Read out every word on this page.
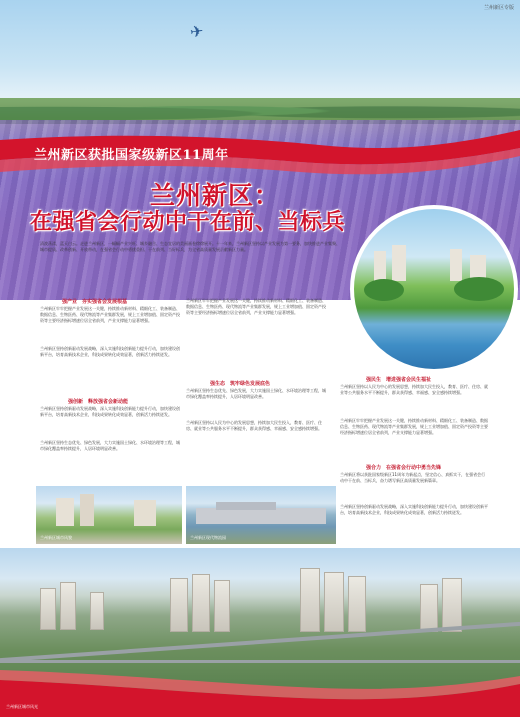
✈
兰州新区专版
兰州新区获批国家级新区11周年
兰州新区：
在强省会行动中干在前、当标兵
清波荡漾，蓝天白云。走进兰州新区，一幅幅产业兴旺、城乡融合、生态宜居的美丽画卷徐徐展开。十一年来，兰州新区坚持以产业发展为第一要务，加快推进产业集聚、城市提质、改革创新、开放带动，在强省会行动中勇挑重担、干在前列、当好标兵，为全省高质量发展贡献新区力量。
强产业　夯实强省会发展根基
兰州新区牢牢把握产业发展这一关键，持续推动新材料、精细化工、装备制造、数据信息、生物医药、现代物流等产业集群发展，规上工业增加值、固定资产投资等主要经济指标增速位居全省前列，产业支撑能力显著增强。
兰州新区坚持创新驱动发展战略，深入实施科技创新能力提升行动，加快建设创新平台，培育高新技术企业，科技成果转化成效显著，创新活力持续迸发。
强创新　释放强省会新动能
兰州新区坚持创新驱动发展战略，深入实施科技创新能力提升行动，加快建设创新平台，培育高新技术企业，科技成果转化成效显著，创新活力持续迸发。
兰州新区坚持生态优先、绿色发展，大力实施国土绿化、水环境治理等工程，城市绿化覆盖率持续提升，人居环境明显改善。
兰州新区牢牢把握产业发展这一关键，持续推动新材料、精细化工、装备制造、数据信息、生物医药、现代物流等产业集群发展，规上工业增加值、固定资产投资等主要经济指标增速位居全省前列，产业支撑能力显著增强。
强生态　筑牢绿色发展底色
兰州新区坚持生态优先、绿色发展，大力实施国土绿化、水环境治理等工程，城市绿化覆盖率持续提升，人居环境明显改善。
兰州新区坚持以人民为中心的发展思想，持续加大民生投入，教育、医疗、住房、就业等公共服务水平不断提升，群众获得感、幸福感、安全感持续增强。
强民生　增进强省会民生福祉
兰州新区坚持以人民为中心的发展思想，持续加大民生投入，教育、医疗、住房、就业等公共服务水平不断提升，群众获得感、幸福感、安全感持续增强。
兰州新区牢牢把握产业发展这一关键，持续推动新材料、精细化工、装备制造、数据信息、生物医药、现代物流等产业集群发展，规上工业增加值、固定资产投资等主要经济指标增速位居全省前列，产业支撑能力显著增强。
强合力　在强省会行动中勇当先锋
兰州新区将以获批国家级新区11周年为新起点，坚定信心、真抓实干，在强省会行动中干在前、当标兵，奋力谱写新区高质量发展新篇章。
兰州新区坚持创新驱动发展战略，深入实施科技创新能力提升行动，加快建设创新平台，培育高新技术企业，科技成果转化成效显著，创新活力持续迸发。
兰州新区城市风貌	兰州新区现代物流园
兰州新区城市风光
